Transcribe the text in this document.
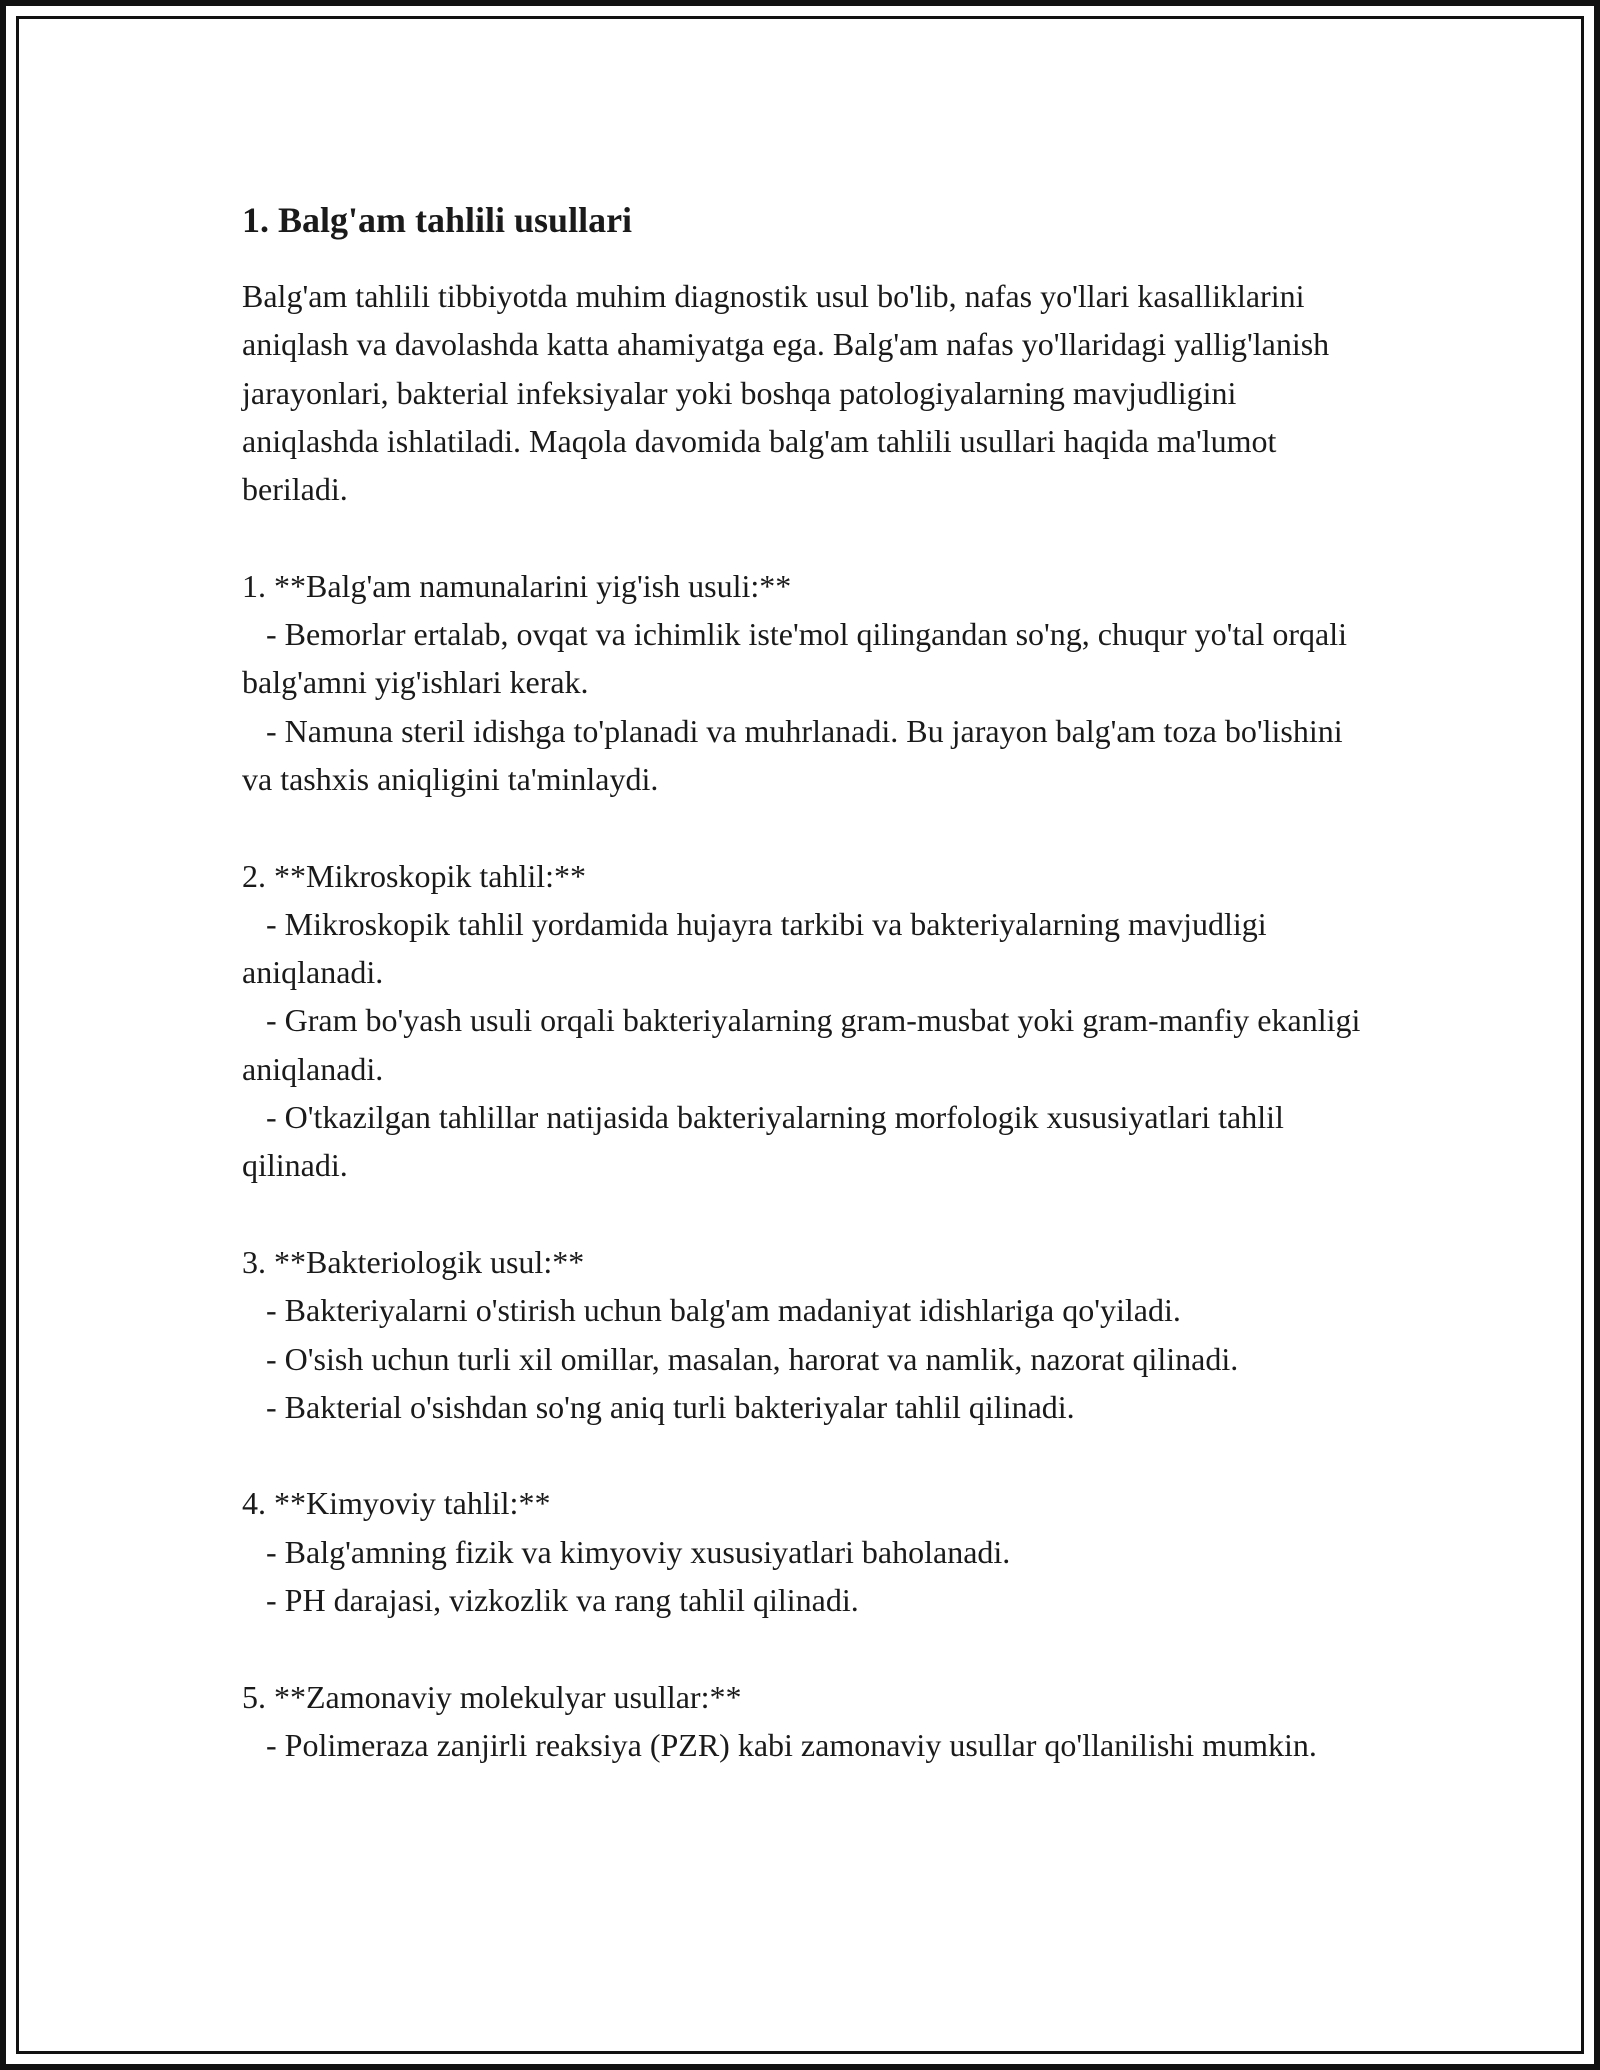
1. Balg'am tahlili usullari

Balg'am tahlili tibbiyotda muhim diagnostik usul bo'lib, nafas yo'llari kasalliklarini aniqlash va davolashda katta ahamiyatga ega. Balg'am nafas yo'llaridagi yallig'lanish jarayonlari, bakterial infeksiyalar yoki boshqa patologiyalarning mavjudligini aniqlashda ishlatiladi. Maqola davomida balg'am tahlili usullari haqida ma'lumot beriladi.

1. **Balg'am namunalarini yig'ish usuli:**

- Bemorlar ertalab, ovqat va ichimlik iste'mol qilingandan so'ng, chuqur yo'tal orqali balg'amni yig'ishlari kerak.

- Namuna steril idishga to'planadi va muhrlanadi. Bu jarayon balg'am toza bo'lishini va tashxis aniqligini ta'minlaydi.

2. **Mikroskopik tahlil:**

- Mikroskopik tahlil yordamida hujayra tarkibi va bakteriyalarning mavjudligi aniqlanadi.

- Gram bo'yash usuli orqali bakteriyalarning gram-musbat yoki gram-manfiy ekanligi aniqlanadi.

- O'tkazilgan tahlillar natijasida bakteriyalarning morfologik xususiyatlari tahlil qilinadi.

3. **Bakteriologik usul:**

- Bakteriyalarni o'stirish uchun balg'am madaniyat idishlariga qo'yiladi.

- O'sish uchun turli xil omillar, masalan, harorat va namlik, nazorat qilinadi.

- Bakterial o'sishdan so'ng aniq turli bakteriyalar tahlil qilinadi.

4. **Kimyoviy tahlil:**

- Balg'amning fizik va kimyoviy xususiyatlari baholanadi.

- PH darajasi, vizkozlik va rang tahlil qilinadi.

5. **Zamonaviy molekulyar usullar:**

- Polimeraza zanjirli reaksiya (PZR) kabi zamonaviy usullar qo'llanilishi mumkin.
